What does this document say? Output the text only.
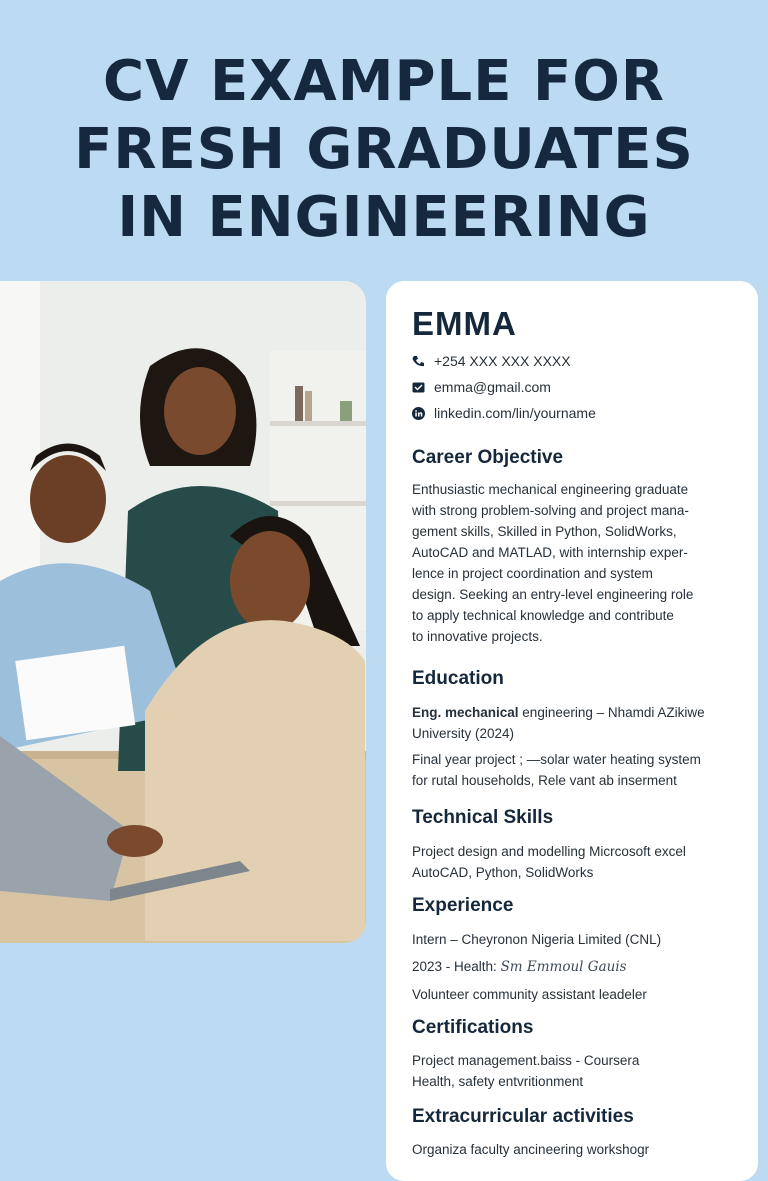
CV EXAMPLE FOR
FRESH GRADUATES
IN ENGINEERING
EMMA
+254 XXX XXX XXXX
emma@gmail.com
linkedin.com/lin/yourname
Career Objective
Enthusiastic mechanical engineering graduate
with strong problem-solving and project mana-
gement skills, Skilled in Python, SolidWorks,
AutoCAD and MATLAD, with internship exper-
lence in project coordination and system
design. Seeking an entry-level engineering role
to apply technical knowledge and contribute
to innovative projects.
Education
Eng. mechanical engineering – Nhamdi AZikiwe
University (2024)
Final year project ; —solar water heating system
for rutal households, Rele vant ab inserment
Technical Skills
Project design and modelling Micrcosoft excel
AutoCAD, Python, SolidWorks
Experience
Intern – Cheyronon Nigeria Limited (CNL)
2023 - Health: Sm Emmoul Gauis
Volunteer community assistant leadeler
Certifications
Project management.baiss - Coursera
Health, safety entvritionment
Extracurricular activities
Organiza faculty ancineering workshogr
